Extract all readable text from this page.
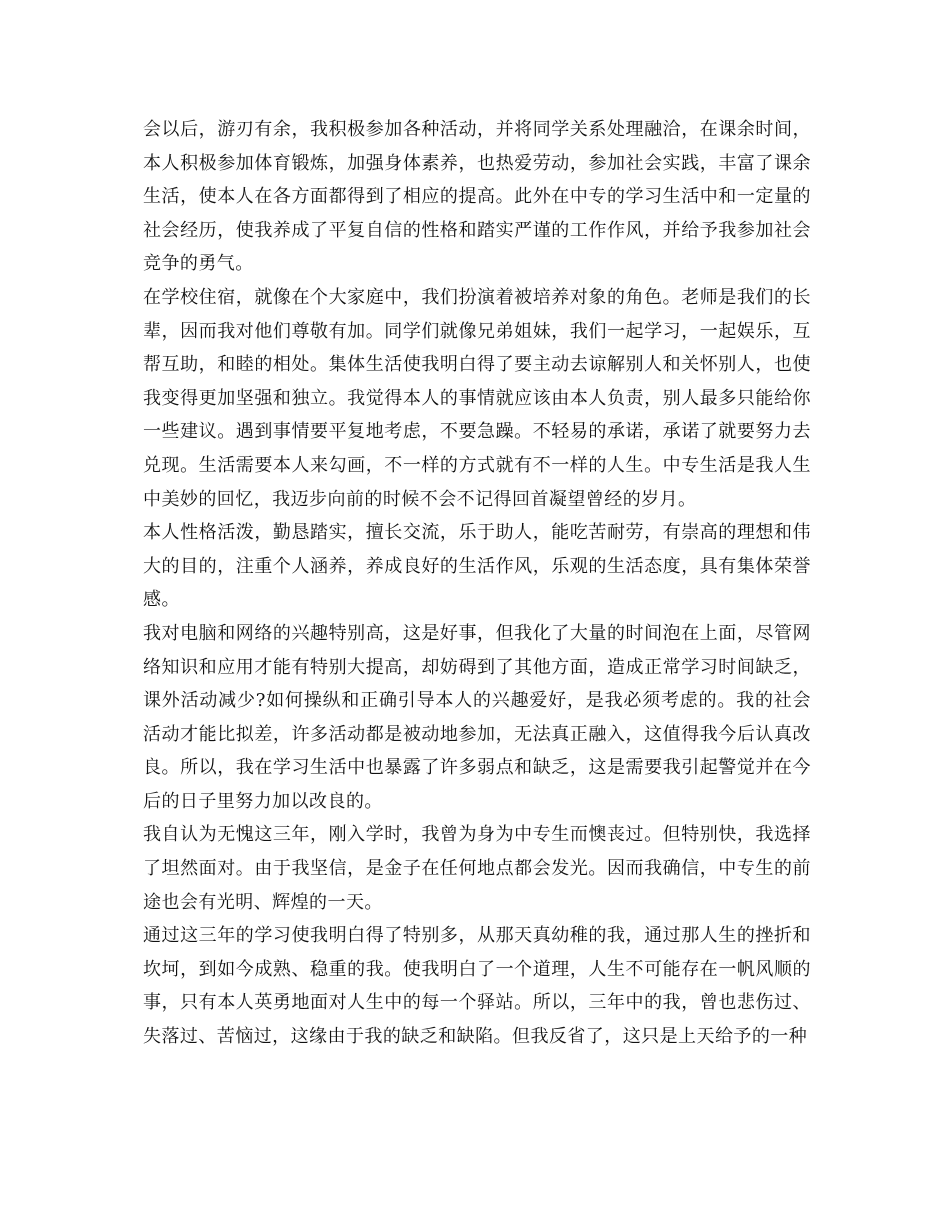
会以后，游刃有余，我积极参加各种活动，并将同学关系处理融洽，在课余时间，本人积极参加体育锻炼，加强身体素养，也热爱劳动，参加社会实践，丰富了课余生活，使本人在各方面都得到了相应的提高。此外在中专的学习生活中和一定量的社会经历，使我养成了平复自信的性格和踏实严谨的工作作风，并给予我参加社会竞争的勇气。

在学校住宿，就像在个大家庭中，我们扮演着被培养对象的角色。老师是我们的长辈，因而我对他们尊敬有加。同学们就像兄弟姐妹，我们一起学习，一起娱乐，互帮互助，和睦的相处。集体生活使我明白得了要主动去谅解别人和关怀别人，也使我变得更加坚强和独立。我觉得本人的事情就应该由本人负责，别人最多只能给你一些建议。遇到事情要平复地考虑，不要急躁。不轻易的承诺，承诺了就要努力去兑现。生活需要本人来勾画，不一样的方式就有不一样的人生。中专生活是我人生中美妙的回忆，我迈步向前的时候不会不记得回首凝望曾经的岁月。

本人性格活泼，勤恳踏实，擅长交流，乐于助人，能吃苦耐劳，有崇高的理想和伟大的目的，注重个人涵养，养成良好的生活作风，乐观的生活态度，具有集体荣誉感。

我对电脑和网络的兴趣特别高，这是好事，但我化了大量的时间泡在上面，尽管网络知识和应用才能有特别大提高，却妨碍到了其他方面，造成正常学习时间缺乏，课外活动减少?如何操纵和正确引导本人的兴趣爱好，是我必须考虑的。我的社会活动才能比拟差，许多活动都是被动地参加，无法真正融入，这值得我今后认真改良。所以，我在学习生活中也暴露了许多弱点和缺乏，这是需要我引起警觉并在今后的日子里努力加以改良的。

我自认为无愧这三年，刚入学时，我曾为身为中专生而懊丧过。但特别快，我选择了坦然面对。由于我坚信，是金子在任何地点都会发光。因而我确信，中专生的前途也会有光明、辉煌的一天。

通过这三年的学习使我明白得了特别多，从那天真幼稚的我，通过那人生的挫折和坎坷，到如今成熟、稳重的我。使我明白了一个道理，人生不可能存在一帆风顺的事，只有本人英勇地面对人生中的每一个驿站。所以，三年中的我，曾也悲伤过、失落过、苦恼过，这缘由于我的缺乏和缺陷。但我反省了，这只是上天给予的一种
